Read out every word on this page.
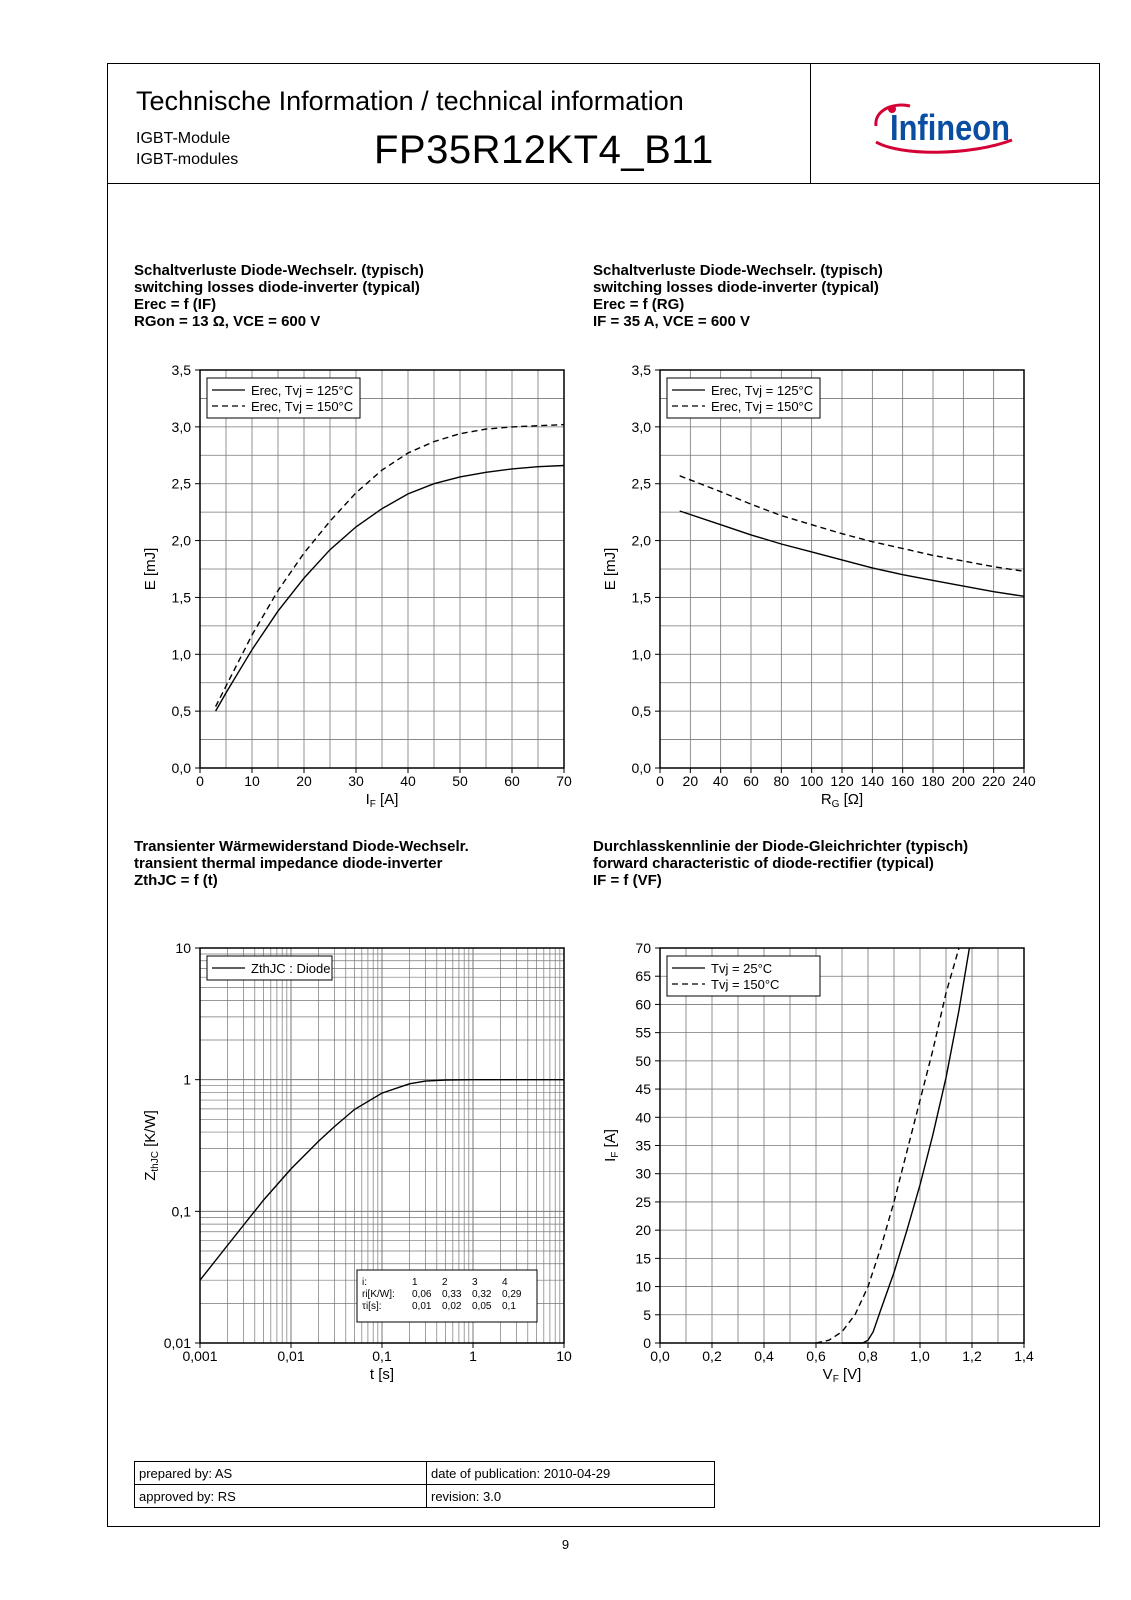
Technische Information / technical information
IGBT-Module
IGBT-modules	FP35R12KT4_B11
Infineon
Schaltverluste Diode-Wechselr. (typisch)
switching losses diode-inverter (typical)
Erec = f (IF)
RGon = 13 Ω, VCE = 600 V
Schaltverluste Diode-Wechselr. (typisch)
switching losses diode-inverter (typical)
Erec = f (RG)
IF = 35 A, VCE = 600 V
Transienter Wärmewiderstand Diode-Wechselr.
transient thermal impedance diode-inverter
ZthJC = f (t)
Durchlasskennlinie der Diode-Gleichrichter (typisch)
forward characteristic of diode-rectifier (typical)
IF = f (VF)
0	10	20	30	40	50	60	70
0,0
0,5
1,0
1,5
2,0
2,5
3,0
3,5
$I_F$ [A]
E [mJ]
Erec, Tvj = 125°C
Erec, Tvj = 150°C
0 20 40 60 80 100 120 140 160 180 200 220 240
0,0
0,5
1,0
1,5
2,0
2,5
3,0
3,5
$R_G$ [Ω]
E [mJ]
Erec, Tvj = 125°C
Erec, Tvj = 150°C
0,001	0,01	0,1	1	10
0,01
0,1
1
10
t [s]
$Z_{thJC}$ [K/W]
ZthJC : Diode
i:	1 2 3 4
ri[K/W]: 0,06 0,33 0,32 0,29
τi[s]:	0,01 0,02 0,05 0,1
0,0 0,2 0,4 0,6 0,8 1,0 1,2 1,4
0
5
10
15
20
25
30
35
40
45
50
55
60
65
70
$V_F$ [V]
$I_F$ [A]
Tvj = 25°C
Tvj = 150°C
prepared by: AS	date of publication: 2010-04-29
approved by: RS	revision: 3.0
9
